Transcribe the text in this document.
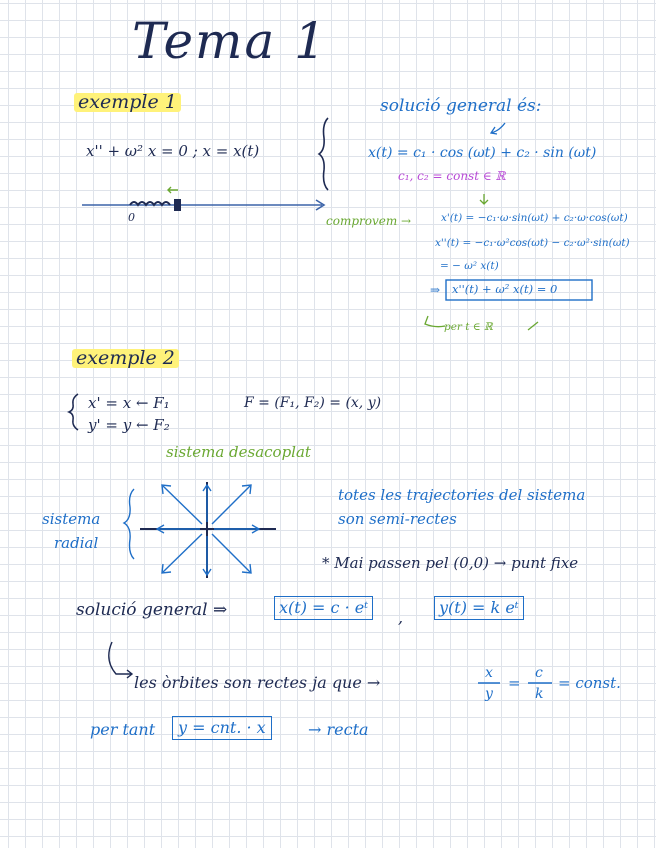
Tema 1
exemple 1
x'' + ω² x = 0 ; x = x(t)
solució general és:
x(t) = c₁ · cos (ωt) + c₂ · sin (ωt)
c₁, c₂ = const ∈ ℝ
comprovem →	x'(t) = −c₁·ω·sin(ωt) + c₂·ω·cos(ωt)
x''(t) = −c₁·ω²cos(ωt) − c₂·ω²·sin(ωt)
= − ω² x(t)
⇒ x''(t) + ω² x(t) = 0
per t ∈ ℝ
0
exemple 2
x' = x ← F₁
y' = y ← F₂
F = (F₁, F₂) = (x, y)
sistema desacoplat
sistema
radial
totes les trajectories del sistema
son semi-rectes
* Mai passen pel (0,0) → punt fixe
solució general ⇒	x(t) = c · eᵗ
,
y(t) = k eᵗ
les òrbites son rectes ja que →	x
y
=
c
k
= const.
per tant	y = cnt. · x	→ recta
